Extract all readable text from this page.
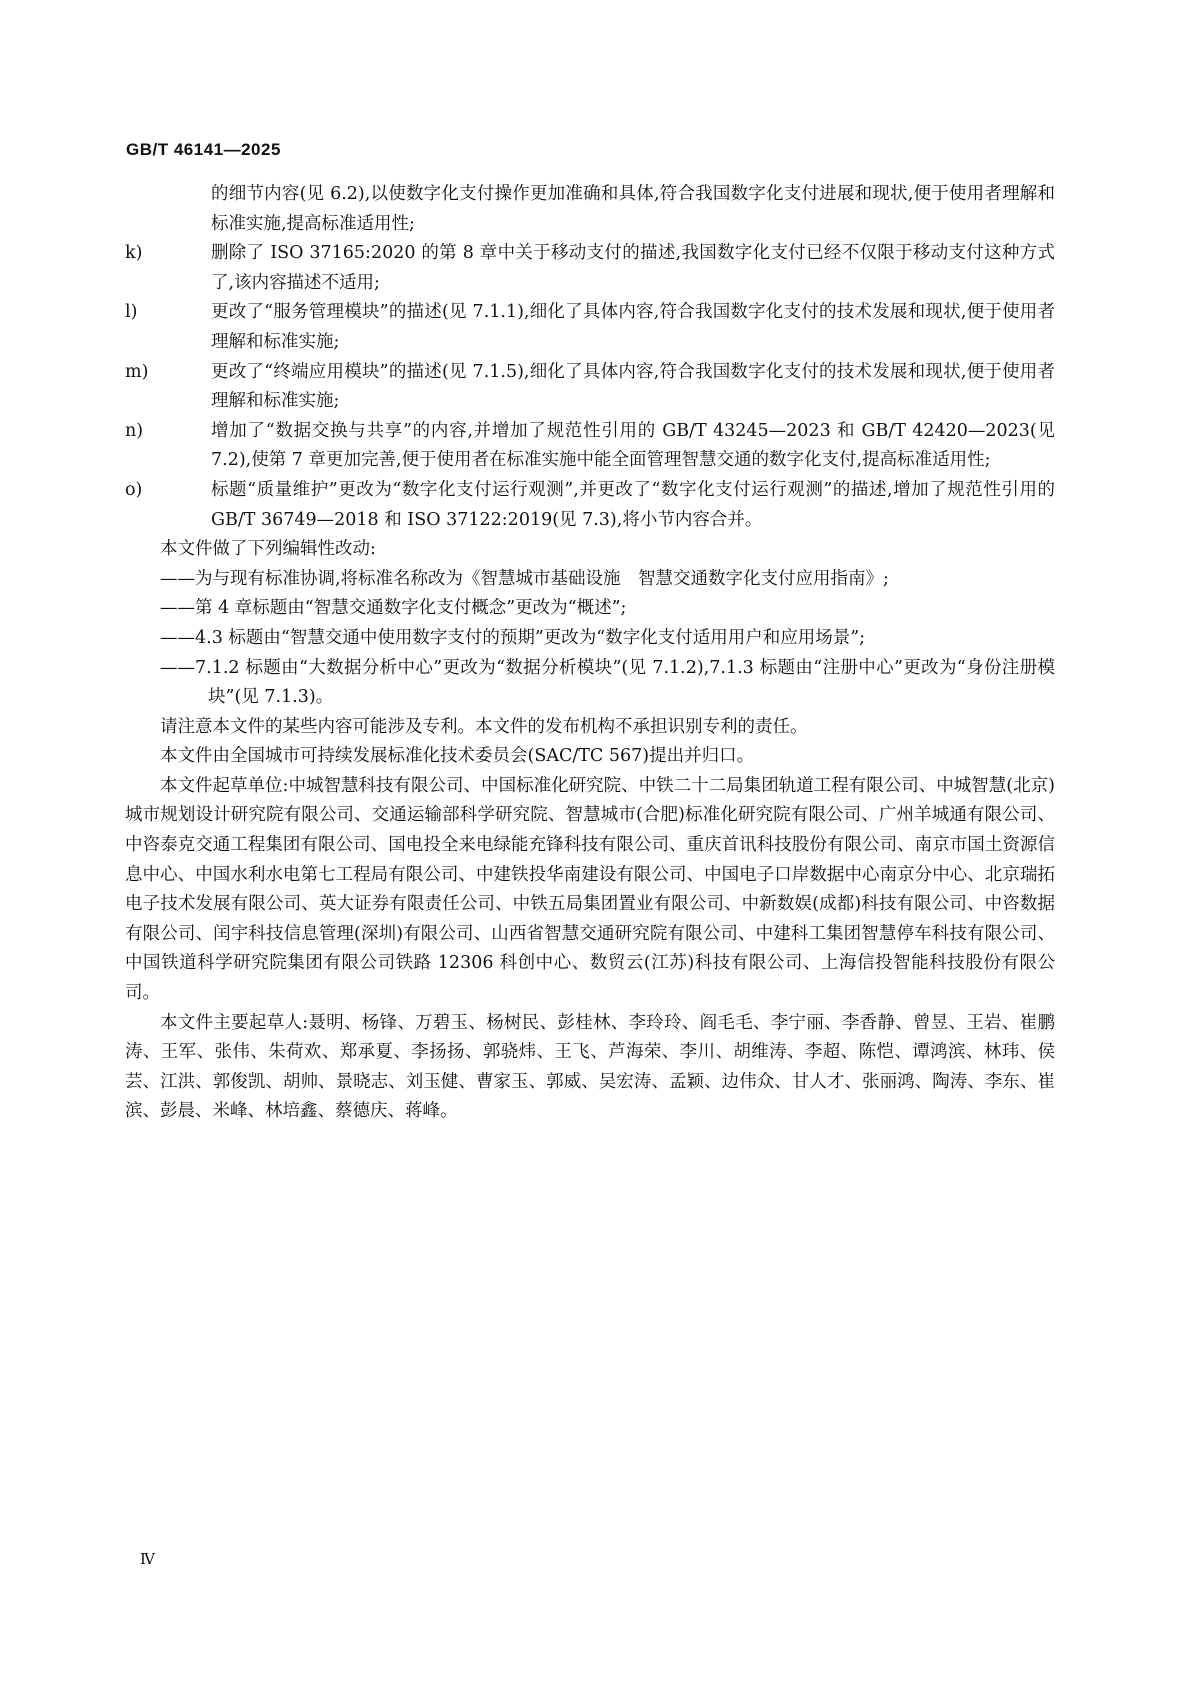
GB/T 46141—2025
的细节内容(见 6.2),以使数字化支付操作更加准确和具体,符合我国数字化支付进展和现状,便于使用者理解和标准实施,提高标准适用性;
k)	删除了 ISO 37165:2020 的第 8 章中关于移动支付的描述,我国数字化支付已经不仅限于移动支付这种方式了,该内容描述不适用;
l)	更改了“服务管理模块”的描述(见 7.1.1),细化了具体内容,符合我国数字化支付的技术发展和现状,便于使用者理解和标准实施;
m)	更改了“终端应用模块”的描述(见 7.1.5),细化了具体内容,符合我国数字化支付的技术发展和现状,便于使用者理解和标准实施;
n)	增加了“数据交换与共享”的内容,并增加了规范性引用的 GB/T 43245—2023 和 GB/T 42420—2023(见 7.2),使第 7 章更加完善,便于使用者在标准实施中能全面管理智慧交通的数字化支付,提高标准适用性;
o)	标题“质量维护”更改为“数字化支付运行观测”,并更改了“数字化支付运行观测”的描述,增加了规范性引用的 GB/T 36749—2018 和 ISO 37122:2019(见 7.3),将小节内容合并。

本文件做了下列编辑性改动:

——为与现有标准协调,将标准名称改为《智慧城市基础设施　智慧交通数字化支付应用指南》;
——第 4 章标题由“智慧交通数字化支付概念”更改为“概述”;
——4.3 标题由“智慧交通中使用数字支付的预期”更改为“数字化支付适用用户和应用场景”;
——7.1.2 标题由“大数据分析中心”更改为“数据分析模块”(见 7.1.2),7.1.3 标题由“注册中心”更改为“身份注册模块”(见 7.1.3)。

请注意本文件的某些内容可能涉及专利。本文件的发布机构不承担识别专利的责任。

本文件由全国城市可持续发展标准化技术委员会(SAC/TC 567)提出并归口。

本文件起草单位:中城智慧科技有限公司、中国标准化研究院、中铁二十二局集团轨道工程有限公司、中城智慧(北京)城市规划设计研究院有限公司、交通运输部科学研究院、智慧城市(合肥)标准化研究院有限公司、广州羊城通有限公司、中咨泰克交通工程集团有限公司、国电投全来电绿能充锋科技有限公司、重庆首讯科技股份有限公司、南京市国土资源信息中心、中国水利水电第七工程局有限公司、中建铁投华南建设有限公司、中国电子口岸数据中心南京分中心、北京瑞拓电子技术发展有限公司、英大证券有限责任公司、中铁五局集团置业有限公司、中新数娱(成都)科技有限公司、中咨数据有限公司、闰宇科技信息管理(深圳)有限公司、山西省智慧交通研究院有限公司、中建科工集团智慧停车科技有限公司、中国铁道科学研究院集团有限公司铁路 12306 科创中心、数贸云(江苏)科技有限公司、上海信投智能科技股份有限公司。

本文件主要起草人:聂明、杨锋、万碧玉、杨树民、彭桂林、李玲玲、阎毛毛、李宁丽、李香静、曾昱、王岩、崔鹏涛、王军、张伟、朱荷欢、郑承夏、李扬扬、郭骁炜、王飞、芦海荣、李川、胡维涛、李超、陈恺、谭鸿滨、林玮、侯芸、江洪、郭俊凯、胡帅、景晓志、刘玉健、曹家玉、郭威、吴宏涛、孟颖、边伟众、甘人才、张丽鸿、陶涛、李东、崔滨、彭晨、米峰、林培鑫、蔡德庆、蒋峰。

Ⅳ
